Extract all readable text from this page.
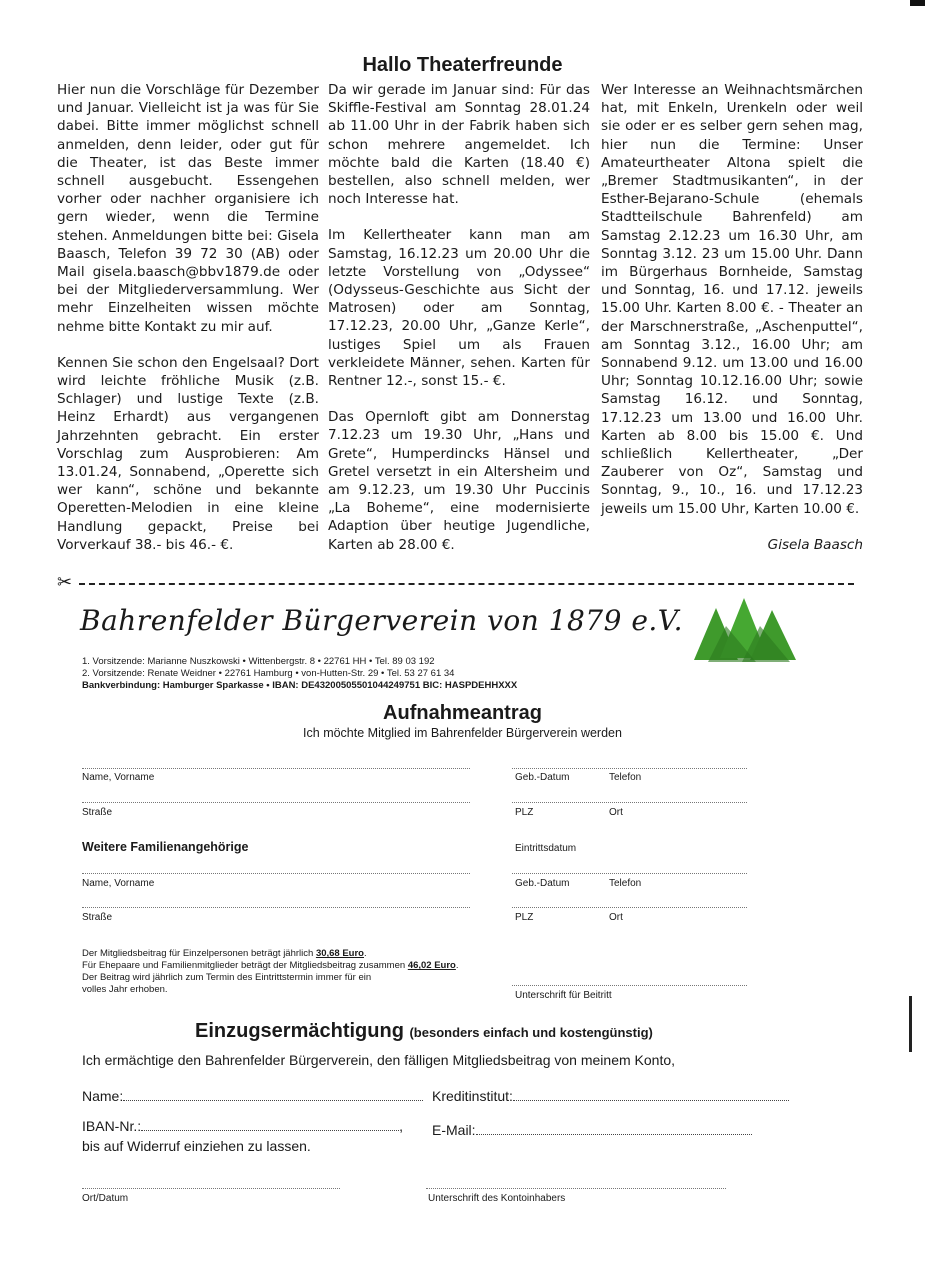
Hallo Theaterfreunde

Hier nun die Vorschläge für Dezember und Januar. Vielleicht ist ja was für Sie dabei. Bitte immer möglichst schnell anmelden, denn leider, oder gut für die Theater, ist das Beste immer schnell ausgebucht. Essengehen vorher oder nachher organisiere ich gern wieder, wenn die Termine stehen. Anmeldungen bitte bei: Gisela Baasch, Telefon 39 72 30 (AB) oder Mail gisela.baasch@bbv1879.de oder bei der Mitgliederversammlung. Wer mehr Einzelheiten wissen möchte nehme bitte Kontakt zu mir auf.

Kennen Sie schon den Engelsaal? Dort wird leichte fröhliche Musik (z.B. Schlager) und lustige Texte (z.B. Heinz Erhardt) aus vergangenen Jahrzehnten gebracht. Ein erster Vorschlag zum Ausprobieren: Am 13.01.24, Sonnabend, „Operette sich wer kann“, schöne und bekannte Operetten-Melodien in eine kleine Handlung gepackt, Preise bei Vorverkauf 38.- bis 46.- €.

Da wir gerade im Januar sind: Für das Skiffle-Festival am Sonntag 28.01.24 ab 11.00 Uhr in der Fabrik haben sich schon mehrere angemeldet. Ich möchte bald die Karten (18.40 €) bestellen, also schnell melden, wer noch Interesse hat.

Im Kellertheater kann man am Samstag, 16.12.23 um 20.00 Uhr die letzte Vorstellung von „Odyssee“ (Odysseus-Geschichte aus Sicht der Matrosen) oder am Sonntag, 17.12.23, 20.00 Uhr, „Ganze Kerle“, lustiges Spiel um als Frauen verkleidete Männer, sehen. Karten für Rentner 12.-, sonst 15.- €.

Das Opernloft gibt am Donnerstag 7.12.23 um 19.30 Uhr, „Hans und Grete“, Humperdincks Hänsel und Gretel versetzt in ein Altersheim und am 9.12.23, um 19.30 Uhr Puccinis „La Boheme“, eine modernisierte Adaption über heutige Jugendliche, Karten ab 28.00 €.

Wer Interesse an Weihnachtsmärchen hat, mit Enkeln, Urenkeln oder weil sie oder er es selber gern sehen mag, hier nun die Termine: Unser Amateurtheater Altona spielt die „Bremer Stadtmusikanten“, in der Esther-Bejarano-Schule (ehemals Stadtteilschule Bahrenfeld) am Samstag 2.12.23 um 16.30 Uhr, am Sonntag 3.12. 23 um 15.00 Uhr. Dann im Bürgerhaus Bornheide, Samstag und Sonntag, 16. und 17.12. jeweils 15.00 Uhr. Karten 8.00 €. - Theater an der Marschnerstraße, „Aschenputtel“, am Sonntag 3.12., 16.00 Uhr; am Sonnabend 9.12. um 13.00 und 16.00 Uhr; Sonntag 10.12.16.00 Uhr; sowie Samstag 16.12. und Sonntag, 17.12.23 um 13.00 und 16.00 Uhr. Karten ab 8.00 bis 15.00 €. Und schließlich Kellertheater, „Der Zauberer von Oz“, Samstag und Sonntag, 9., 10., 16. und 17.12.23 jeweils um 15.00 Uhr, Karten 10.00 €.

Gisela Baasch
✂
Bahrenfelder Bürgerverein von 1879 e.V.
1. Vorsitzende: Marianne Nuszkowski • Wittenbergstr. 8 • 22761 HH • Tel. 89 03 192
2. Vorsitzende: Renate Weidner • 22761 Hamburg • von-Hutten-Str. 29 • Tel. 53 27 61 34
Bankverbindung: Hamburger Sparkasse • IBAN: DE43200505501044249751 BIC: HASPDEHHXXX
Aufnahmeantrag
Ich möchte Mitglied im Bahrenfelder Bürgerverein werden
Name, Vorname	Geb.-Datum	Telefon
Straße	PLZ	Ort
Weitere Familienangehörige	Eintrittsdatum
Name, Vorname	Geb.-Datum	Telefon
Straße	PLZ	Ort
Der Mitgliedsbeitrag für Einzelpersonen beträgt jährlich 30,68 Euro.
Für Ehepaare und Familienmitglieder beträgt der Mitgliedsbeitrag zusammen 46,02 Euro.
Der Beitrag wird jährlich zum Termin des Eintrittstermin immer für ein
volles Jahr erhoben.
Unterschrift für Beitritt
Einzugsermächtigung (besonders einfach und kostengünstig)
Ich ermächtige den Bahrenfelder Bürgerverein, den fälligen Mitgliedsbeitrag von meinem Konto,
Name:	Kreditinstitut:
IBAN-Nr.:	, E-Mail:
bis auf Widerruf einziehen zu lassen.
Ort/Datum	Unterschrift des Kontoinhabers
